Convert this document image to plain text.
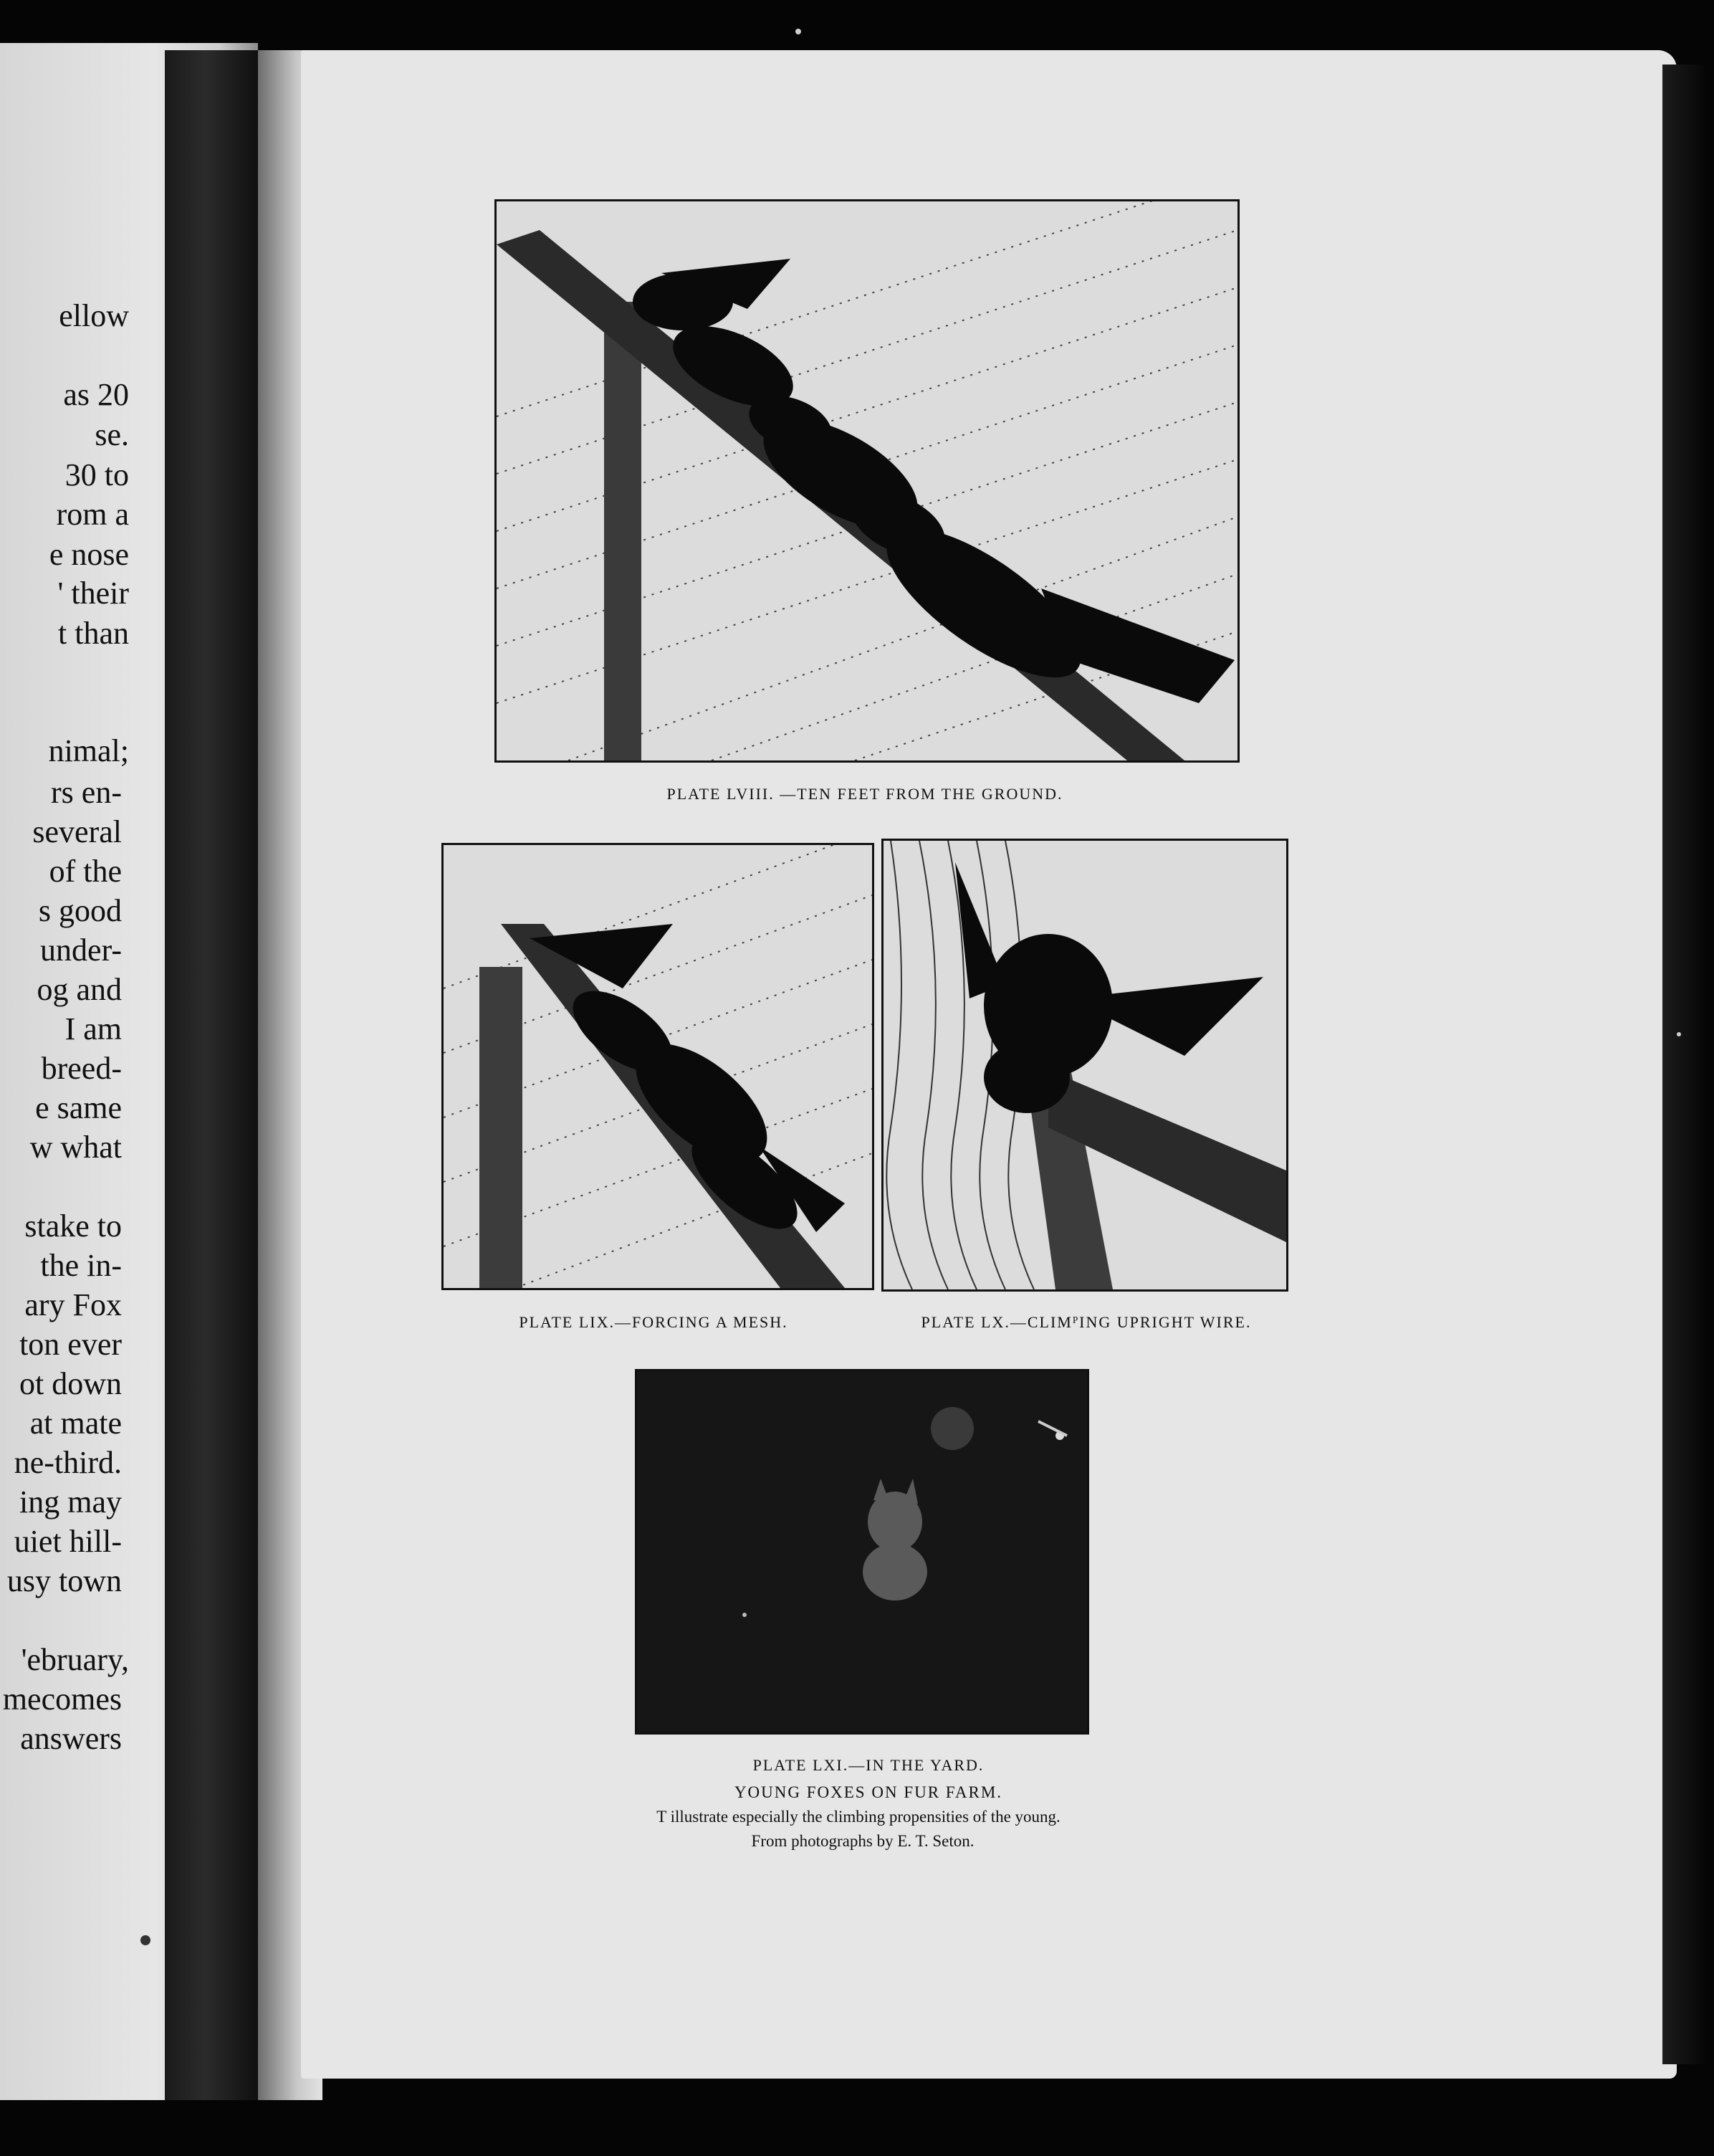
ellow
as 20
se.
30 to
rom a
e nose
' their
t than
nimal;
rs en-
several
of the
s good
under-
og and
I am
breed-
e same
w what
stake to
the in-
ary Fox
ton ever
ot down
at mate
ne-third.
ing may
uiet hill-
usy town
'ebruary,
mecomes
answers
PLATE LVIII. —TEN FEET FROM THE GROUND.
PLATE LIX.—FORCING A MESH.	PLATE LX.—CLIMᴾING UPRIGHT WIRE.
PLATE LXI.—IN THE YARD.
YOUNG FOXES ON FUR FARM.
T illustrate especially the climbing propensities of the young.
From photographs by E. T. Seton.
